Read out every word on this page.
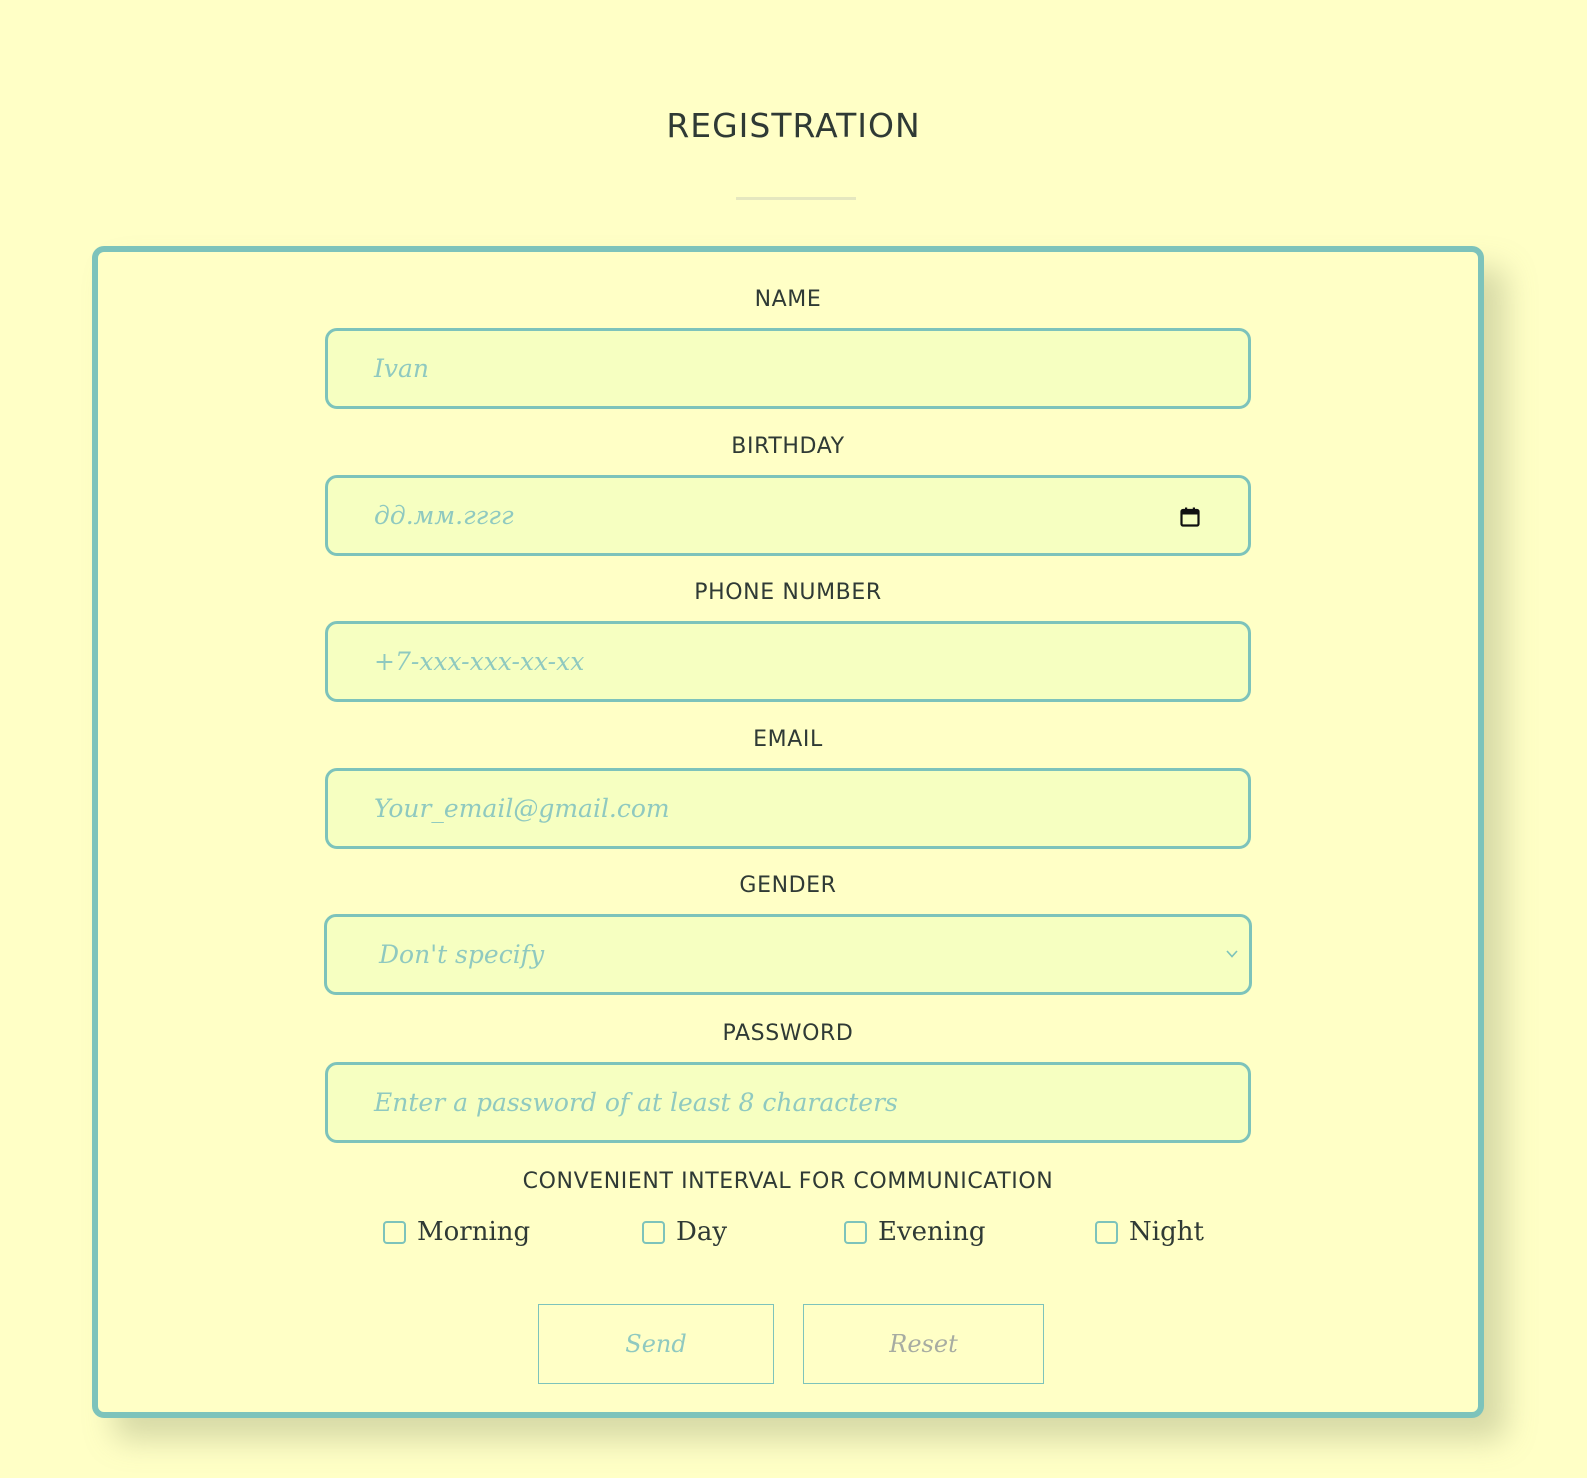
REGISTRATION
NAME
Ivan
BIRTHDAY
дд.мм.гггг
PHONE NUMBER
+7-xxx-xxx-xx-xx
EMAIL
Your_email@gmail.com
GENDER
Don't specify
PASSWORD
Enter a password of at least 8 characters
CONVENIENT INTERVAL FOR COMMUNICATION
Morning	Day	Evening	Night
Send	Reset
